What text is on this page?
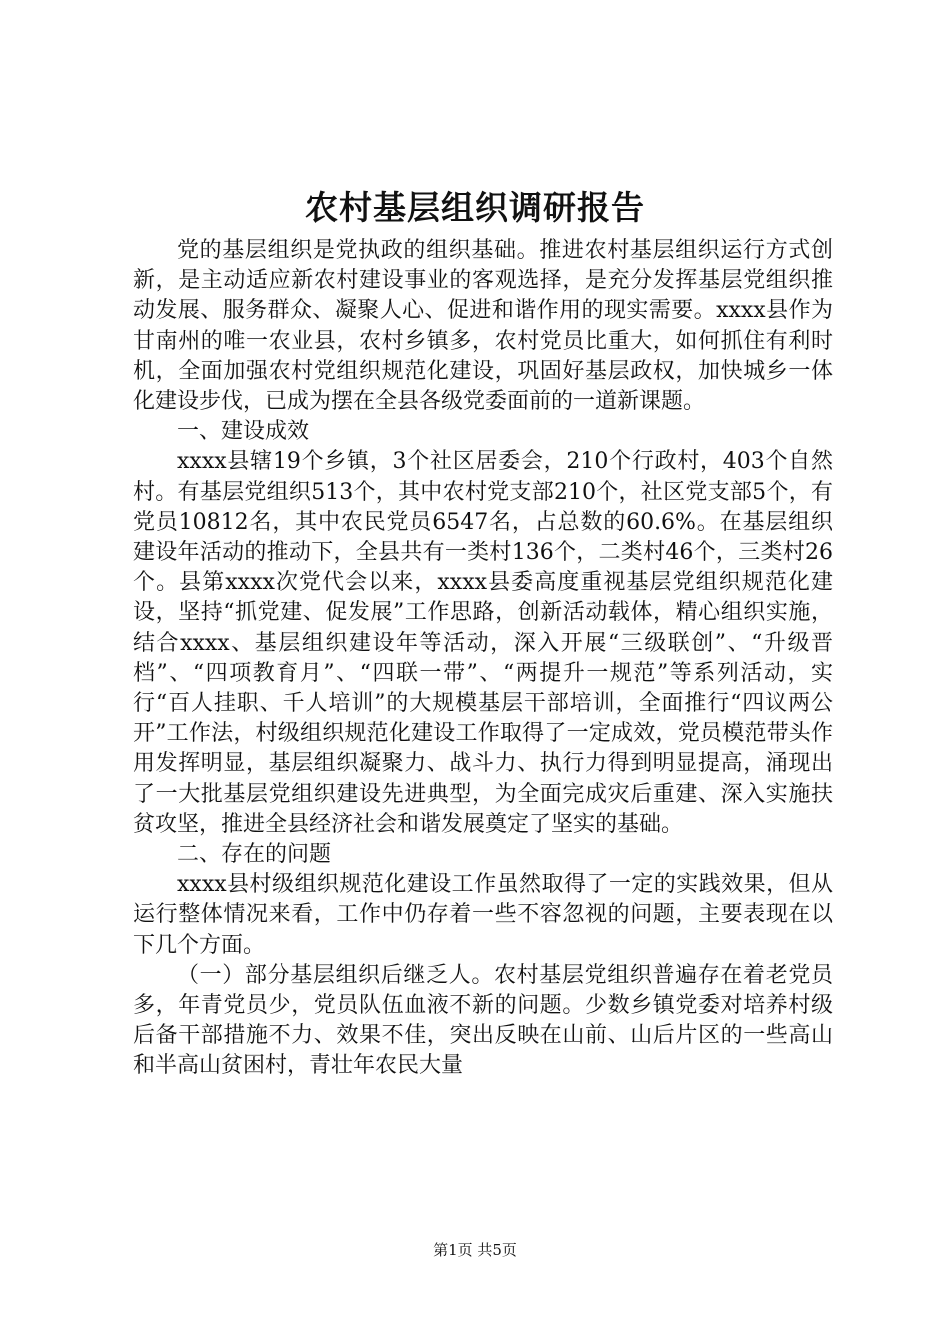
农村基层组织调研报告

党的基层组织是党执政的组织基础。推进农村基层组织运行方式创新，是主动适应新农村建设事业的客观选择，是充分发挥基层党组织推动发展、服务群众、凝聚人心、促进和谐作用的现实需要。xxxx县作为甘南州的唯一农业县，农村乡镇多，农村党员比重大，如何抓住有利时机，全面加强农村党组织规范化建设，巩固好基层政权，加快城乡一体化建设步伐，已成为摆在全县各级党委面前的一道新课题。

一、建设成效

xxxx县辖19个乡镇，3个社区居委会，210个行政村，403个自然村。有基层党组织513个，其中农村党支部210个，社区党支部5个，有党员10812名，其中农民党员6547名，占总数的60.6%。在基层组织建设年活动的推动下，全县共有一类村136个，二类村46个，三类村26个。县第xxxx次党代会以来，xxxx县委高度重视基层党组织规范化建设，坚持“抓党建、促发展”工作思路，创新活动载体，精心组织实施，结合xxxx、基层组织建设年等活动，深入开展“三级联创”、“升级晋档”、“四项教育月”、“四联一带”、“两提升一规范”等系列活动，实行“百人挂职、千人培训”的大规模基层干部培训，全面推行“四议两公开”工作法，村级组织规范化建设工作取得了一定成效，党员模范带头作用发挥明显，基层组织凝聚力、战斗力、执行力得到明显提高，涌现出了一大批基层党组织建设先进典型，为全面完成灾后重建、深入实施扶贫攻坚，推进全县经济社会和谐发展奠定了坚实的基础。

二、存在的问题

xxxx县村级组织规范化建设工作虽然取得了一定的实践效果，但从运行整体情况来看，工作中仍存着一些不容忽视的问题，主要表现在以下几个方面。

（一）部分基层组织后继乏人。农村基层党组织普遍存在着老党员多，年青党员少，党员队伍血液不新的问题。少数乡镇党委对培养村级后备干部措施不力、效果不佳，突出反映在山前、山后片区的一些高山和半高山贫困村，青壮年农民大量

第1页 共5页
